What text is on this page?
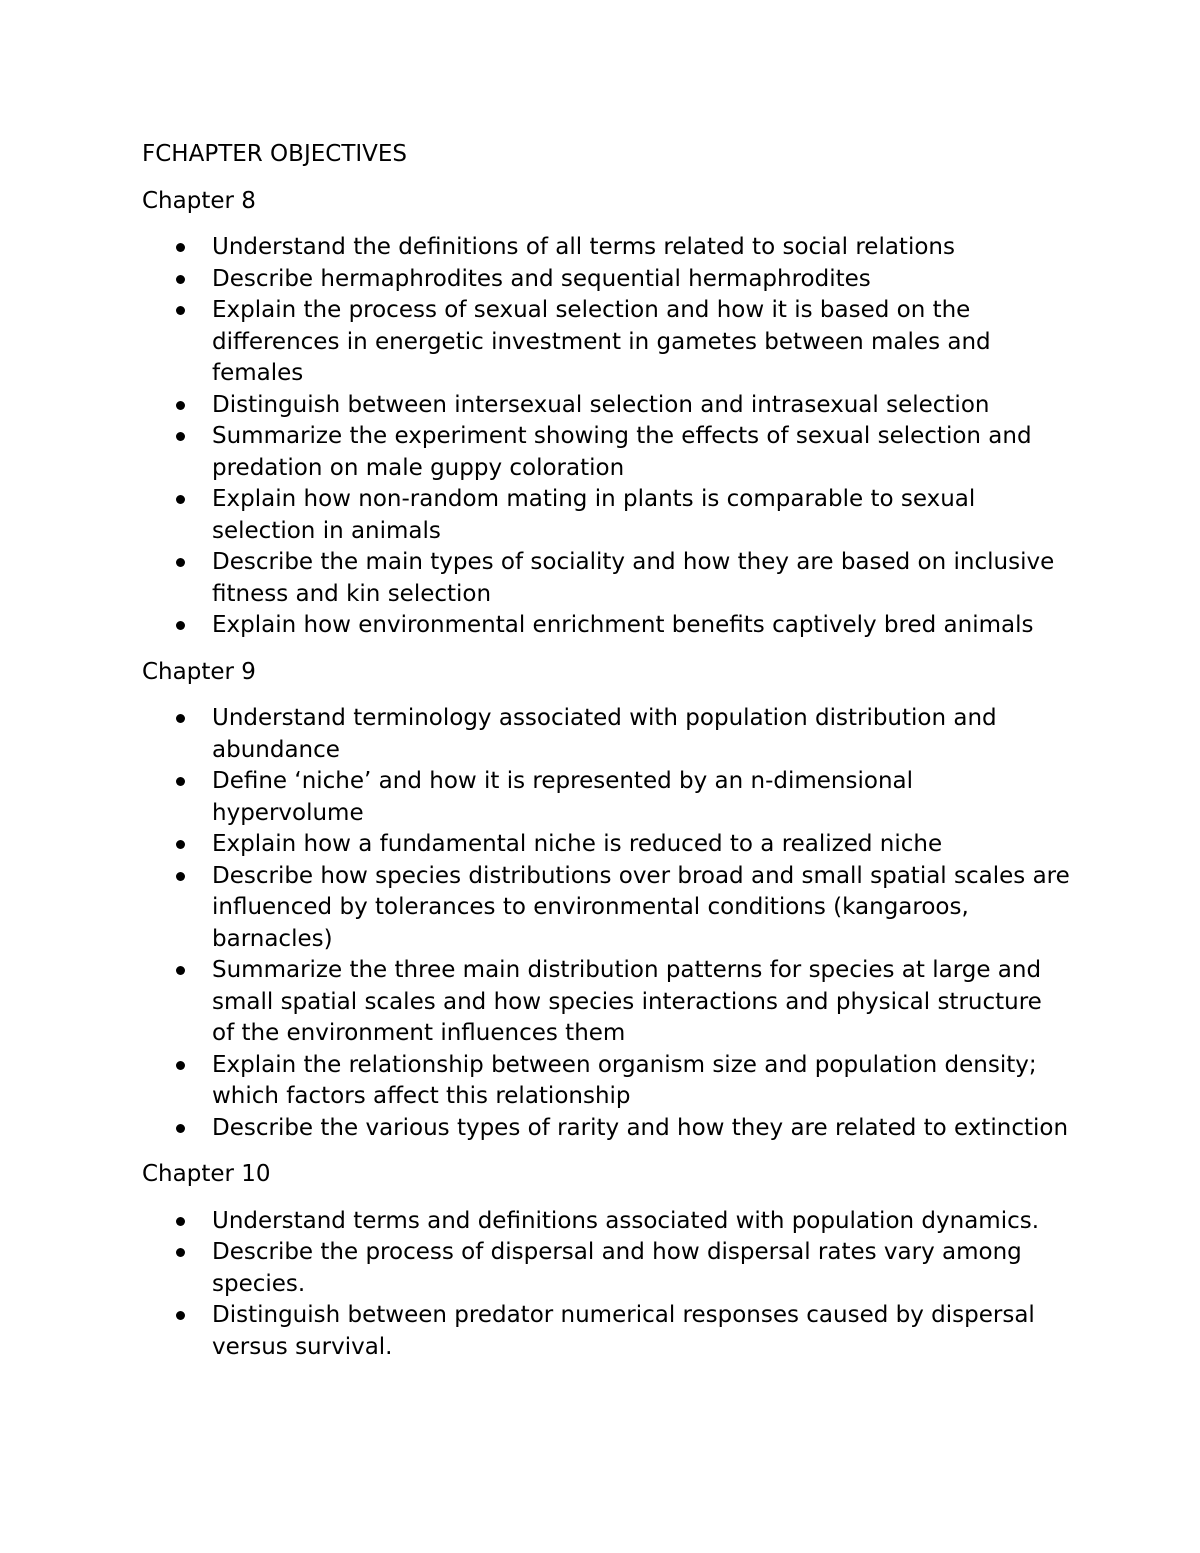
FCHAPTER OBJECTIVES
Chapter 8
Understand the definitions of all terms related to social relations
Describe hermaphrodites and sequential hermaphrodites
Explain the process of sexual selection and how it is based on the differences in energetic investment in gametes between males and females
Distinguish between intersexual selection and intrasexual selection
Summarize the experiment showing the effects of sexual selection and predation on male guppy coloration
Explain how non-random mating in plants is comparable to sexual selection in animals
Describe the main types of sociality and how they are based on inclusive fitness and kin selection
Explain how environmental enrichment benefits captively bred animals
Chapter 9
Understand terminology associated with population distribution and abundance
Define ‘niche’ and how it is represented by an n-dimensional hypervolume
Explain how a fundamental niche is reduced to a realized niche
Describe how species distributions over broad and small spatial scales are influenced by tolerances to environmental conditions (kangaroos, barnacles)
Summarize the three main distribution patterns for species at large and small spatial scales and how species interactions and physical structure of the environment influences them
Explain the relationship between organism size and population density; which factors affect this relationship
Describe the various types of rarity and how they are related to extinction
Chapter 10
Understand terms and definitions associated with population dynamics.
Describe the process of dispersal and how dispersal rates vary among species.
Distinguish between predator numerical responses caused by dispersal versus survival.
